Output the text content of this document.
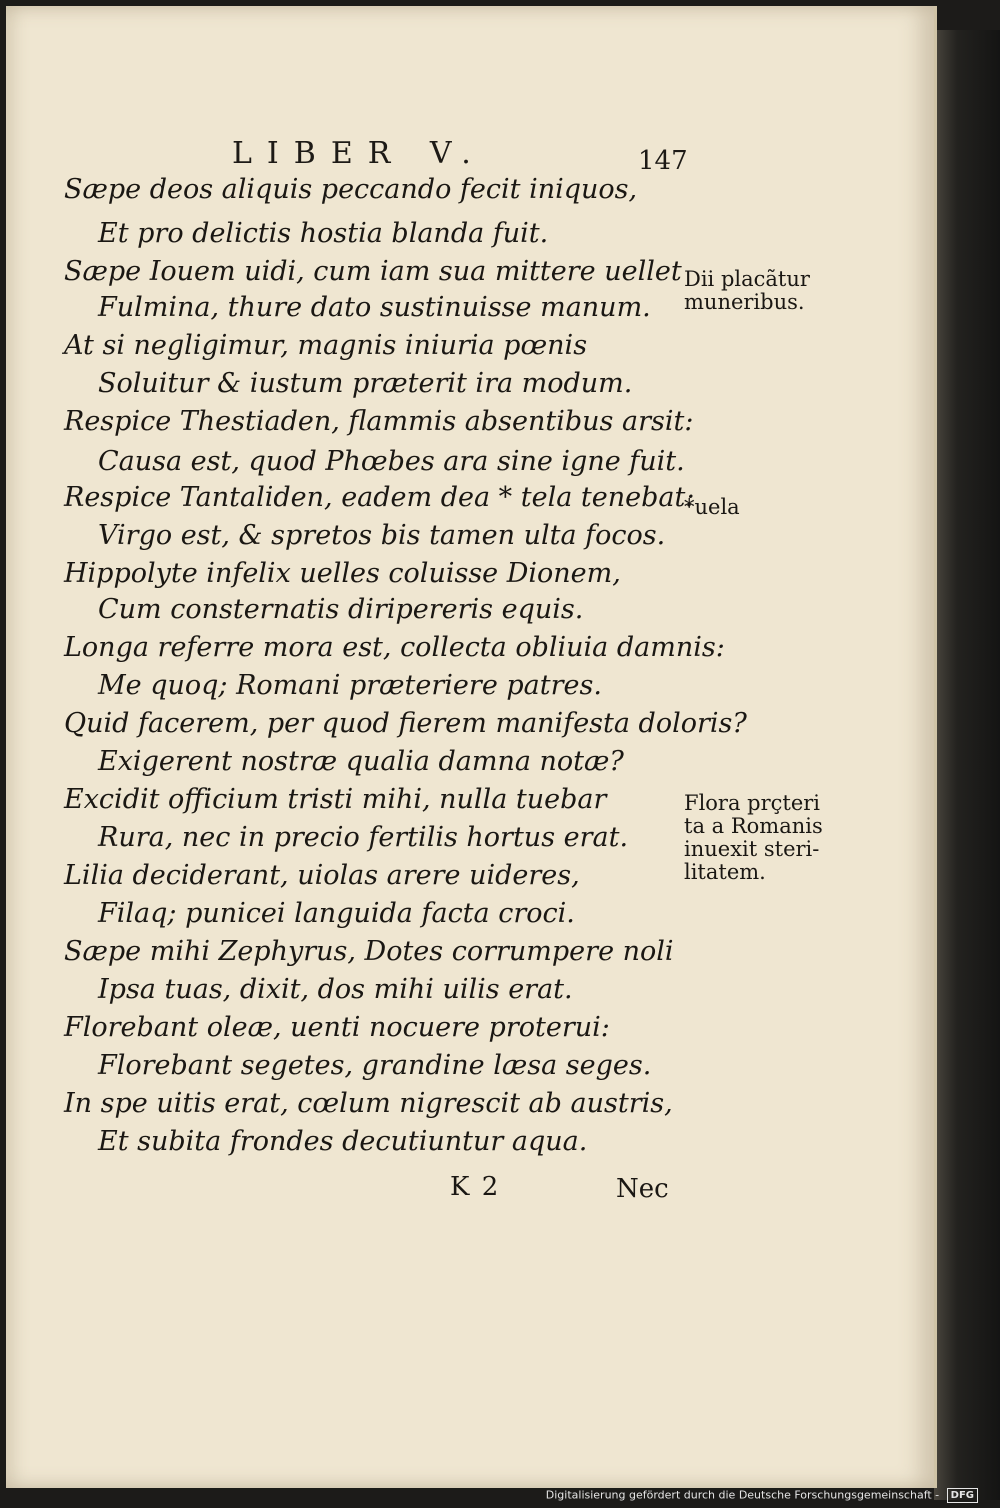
LIBER V.	147
Sæpe deos aliquis peccando fecit iniquos,
Et pro delictis hostia blanda fuit.
Sæpe Iouem uidi, cum iam sua mittere uellet
Fulmina, thure dato sustinuisse manum.
At si negligimur, magnis iniuria pœnis
Soluitur & iustum præterit ira modum.
Respice Thestiaden, flammis absentibus arsit:
Causa est, quod Phœbes ara sine igne fuit.
Respice Tantaliden, eadem dea * tela tenebat:
Virgo est, & spretos bis tamen ulta focos.
Hippolyte infelix uelles coluisse Dionem,
Cum consternatis diripereris equis.
Longa referre mora est, collecta obliuia damnis:
Me quoq; Romani præteriere patres.
Quid facerem, per quod fierem manifesta doloris?
Exigerent nostræ qualia damna notæ?
Excidit officium tristi mihi, nulla tuebar
Rura, nec in precio fertilis hortus erat.
Lilia deciderant, uiolas arere uideres,
Filaq; punicei languida facta croci.
Sæpe mihi Zephyrus, Dotes corrumpere noli
Ipsa tuas, dixit, dos mihi uilis erat.
Florebant oleæ, uenti nocuere proterui:
Florebant segetes, grandine læsa seges.
In spe uitis erat, cœlum nigrescit ab austris,
Et subita frondes decutiuntur aqua.
Dii placãtur
muneribus.
*uela
Flora prçteri
ta a Romanis
inuexit steri-
litatem.
K 2	Nec
Digitalisierung gefördert durch die Deutsche Forschungsgemeinschaft - DFG
